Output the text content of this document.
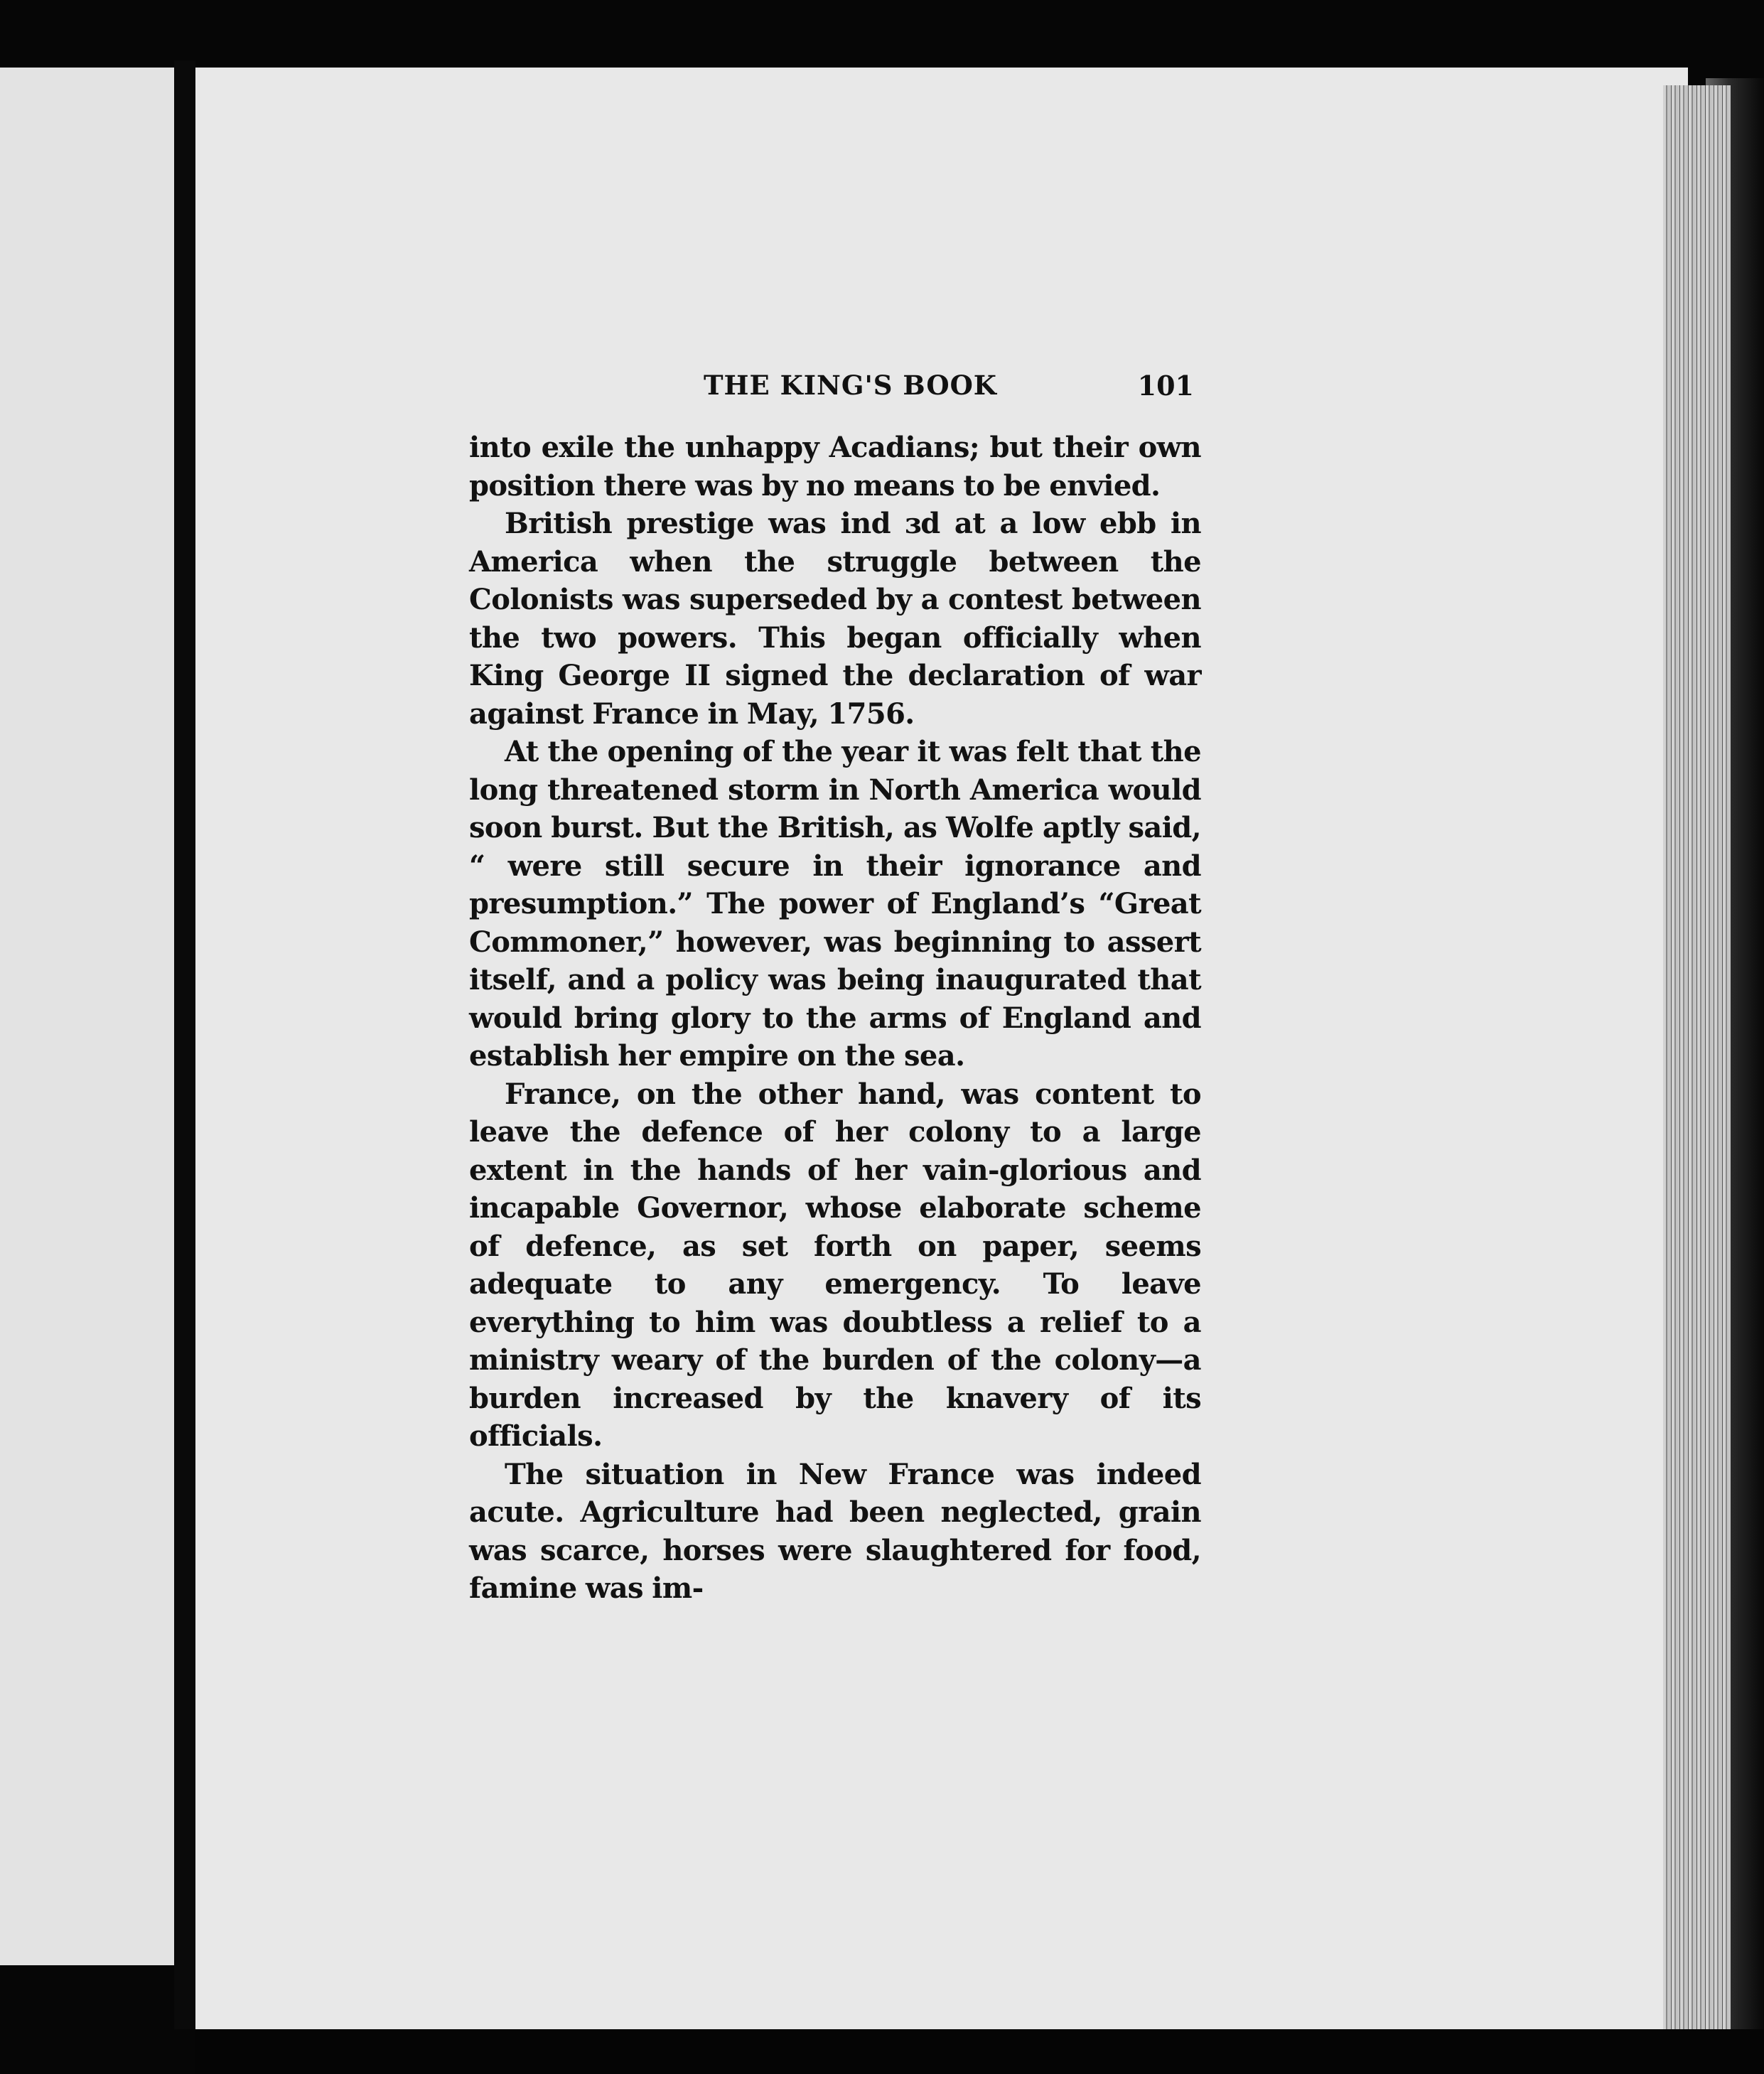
THE KING'S BOOK	101

into exile the unhappy Acadians; but their own position there was by no means to be envied.

British prestige was ind ɜd at a low ebb in America when the struggle between the Colonists was superseded by a contest between the two powers. This began officially when King George II signed the declaration of war against France in May, 1756.

At the opening of the year it was felt that the long threatened storm in North America would soon burst. But the British, as Wolfe aptly said, “ were still secure in their ignorance and presumption.” The power of England’s “Great Commoner,” however, was beginning to assert itself, and a policy was being inaugurated that would bring glory to the arms of England and establish her empire on the sea.

France, on the other hand, was content to leave the defence of her colony to a large extent in the hands of her vain-glorious and incapable Governor, whose elaborate scheme of defence, as set forth on paper, seems adequate to any emergency. To leave everything to him was doubtless a relief to a ministry weary of the burden of the colony—a burden increased by the knavery of its officials.

The situation in New France was indeed acute. Agriculture had been neglected, grain was scarce, horses were slaughtered for food, famine was im-
